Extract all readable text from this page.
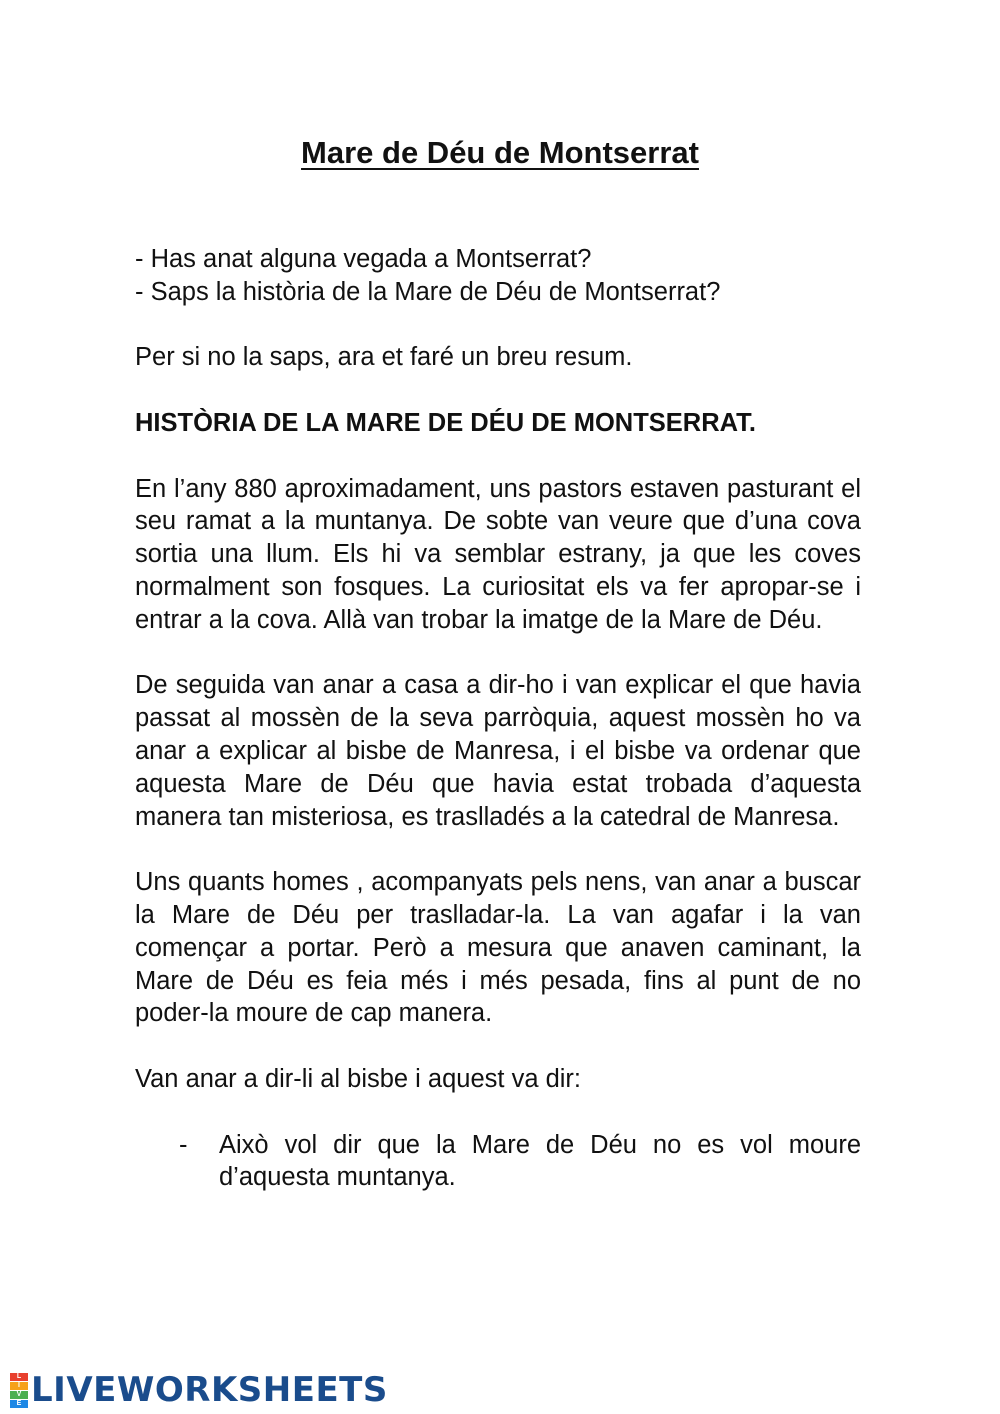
Mare de Déu de Montserrat

- Has anat alguna vegada a Montserrat?

- Saps la història de la Mare de Déu de Montserrat?

Per si no la saps, ara et faré un breu resum.

HISTÒRIA DE LA MARE DE DÉU DE MONTSERRAT.

En l’any 880 aproximadament, uns pastors estaven pasturant el seu ramat a la muntanya. De sobte van veure que d’una cova sortia una llum. Els hi va semblar estrany, ja que les coves normalment son fosques. La curiositat els va fer apropar-se i entrar a la cova. Allà van trobar la imatge de la Mare de Déu.

De seguida van anar a casa a dir-ho i van explicar el que havia passat al mossèn de la seva parròquia, aquest mossèn ho va anar a explicar al bisbe de Manresa, i el bisbe va ordenar que aquesta Mare de Déu que havia estat trobada d’aquesta manera tan misteriosa, es traslladés a la catedral de Manresa.

Uns quants homes , acompanyats pels nens, van anar a buscar la Mare de Déu per traslladar-la. La van agafar i la van començar a portar. Però a mesura que anaven caminant, la Mare de Déu es feia més i més pesada, fins al punt de no poder-la moure de cap manera.

Van anar a dir-li al bisbe i aquest va dir:

-	Això vol dir que la Mare de Déu no es vol moure d’aquesta muntanya.
L
I
V
E LIVEWORKSHEETS
